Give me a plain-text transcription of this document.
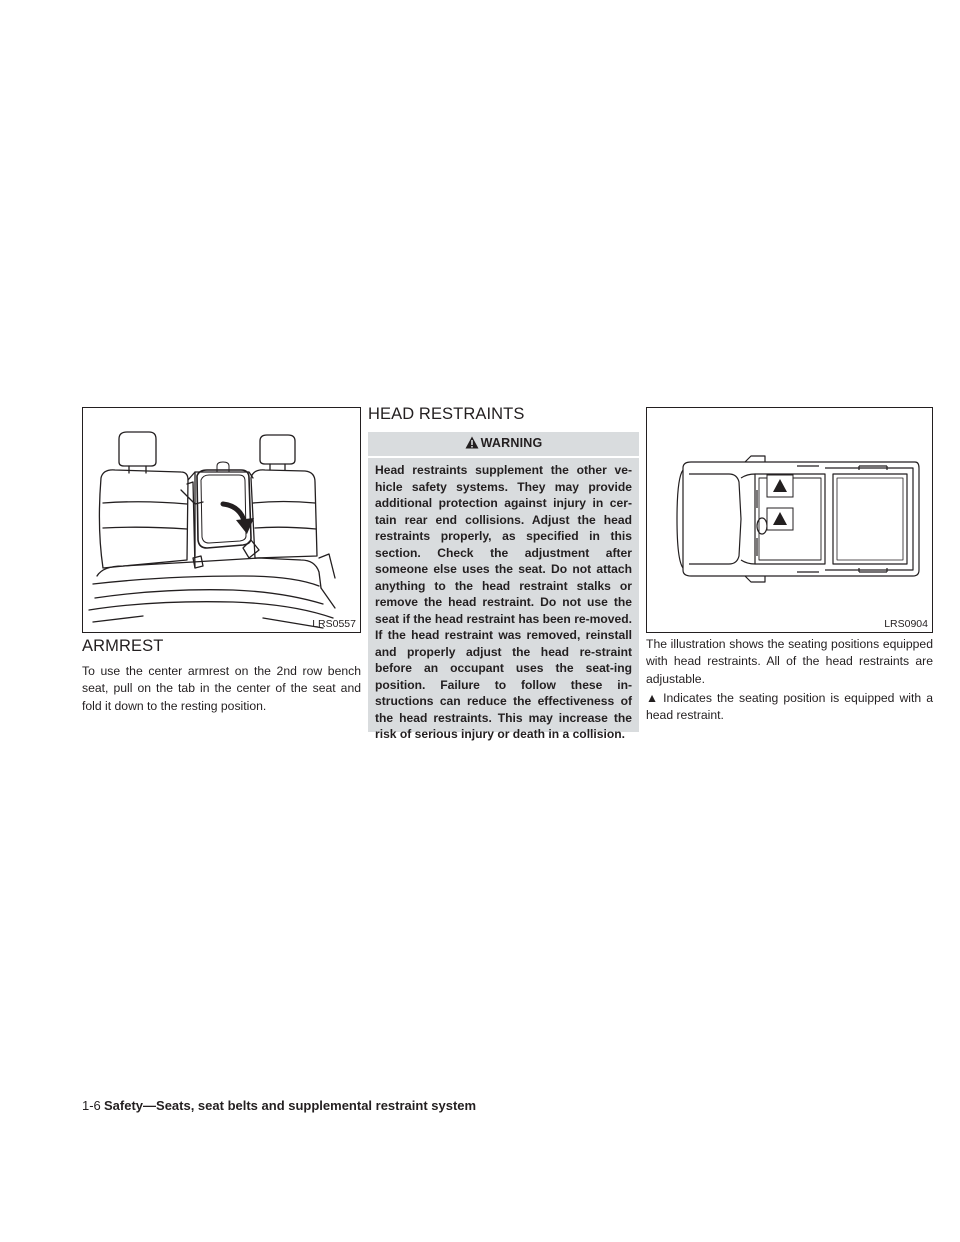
LRS0557
ARMREST

To use the center armrest on the 2nd row bench seat, pull on the tab in the center of the seat and fold it down to the resting position.

HEAD RESTRAINTS
WARNING

Head restraints supplement the other ve-hicle safety systems. They may provide additional protection against injury in cer-tain rear end collisions. Adjust the head restraints properly, as specified in this section. Check the adjustment after someone else uses the seat. Do not attach anything to the head restraint stalks or remove the head restraint. Do not use the seat if the head restraint has been re-moved. If the head restraint was removed, reinstall and properly adjust the head re-straint before an occupant uses the seat-ing position. Failure to follow these in-structions can reduce the effectiveness of the head restraints. This may increase the risk of serious injury or death in a collision.

LRS0904

The illustration shows the seating positions equipped with head restraints. All of the head restraints are adjustable.

▲ Indicates the seating position is equipped with a head restraint.

1-6 Safety—Seats, seat belts and supplemental restraint system
